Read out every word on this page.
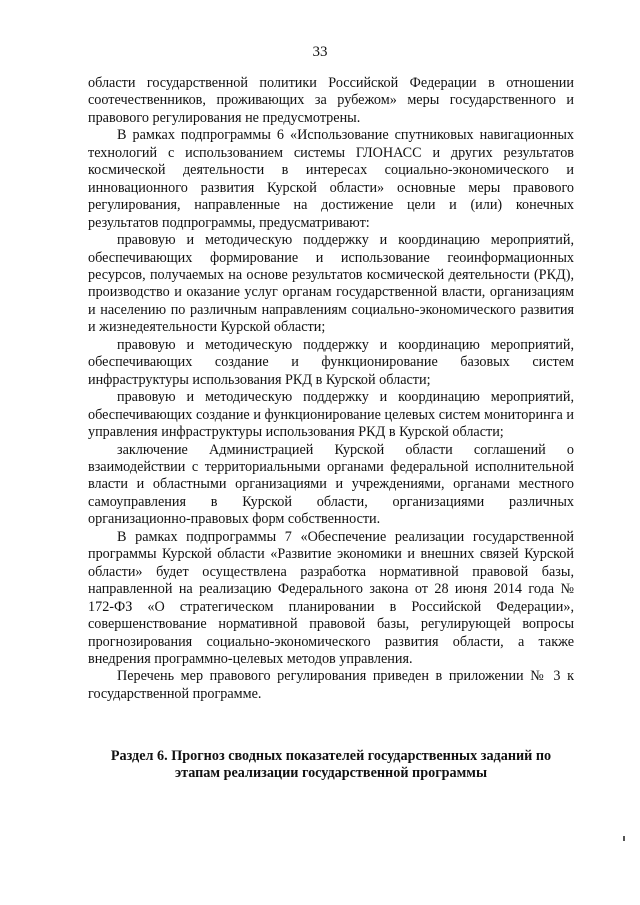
33

области государственной политики Российской Федерации в отношении соотечественников, проживающих за рубежом» меры государственного и правового регулирования не предусмотрены.

В рамках подпрограммы 6 «Использование спутниковых навигационных технологий с использованием системы ГЛОНАСС и других результатов космической деятельности в интересах социально-экономического и инновационного развития Курской области» основные меры правового регулирования, направленные на достижение цели и (или) конечных результатов подпрограммы, предусматривают:

правовую и методическую поддержку и координацию мероприятий, обеспечивающих формирование и использование геоинформационных ресурсов, получаемых на основе результатов космической деятельности (РКД), производство и оказание услуг органам государственной власти, организациям и населению по различным направлениям социально-экономического развития и жизнедеятельности Курской области;

правовую и методическую поддержку и координацию мероприятий, обеспечивающих создание и функционирование базовых систем инфраструктуры использования РКД в Курской области;

правовую и методическую поддержку и координацию мероприятий, обеспечивающих создание и функционирование целевых систем мониторинга и управления инфраструктуры использования РКД в Курской области;

заключение Администрацией Курской области соглашений о взаимодействии с территориальными органами федеральной исполнительной власти и областными организациями и учреждениями, органами местного самоуправления в Курской области, организациями различных организационно-правовых форм собственности.

В рамках подпрограммы 7 «Обеспечение реализации государственной программы Курской области «Развитие экономики и внешних связей Курской области» будет осуществлена разработка нормативной правовой базы, направленной на реализацию Федерального закона от 28 июня 2014 года № 172-ФЗ «О стратегическом планировании в Российской Федерации», совершенствование нормативной правовой базы, регулирующей вопросы прогнозирования социально-экономического развития области, а также внедрения программно-целевых методов управления.

Перечень мер правового регулирования приведен в приложении № 3 к государственной программе.

Раздел 6. Прогноз сводных показателей государственных заданий по
этапам реализации государственной программы
